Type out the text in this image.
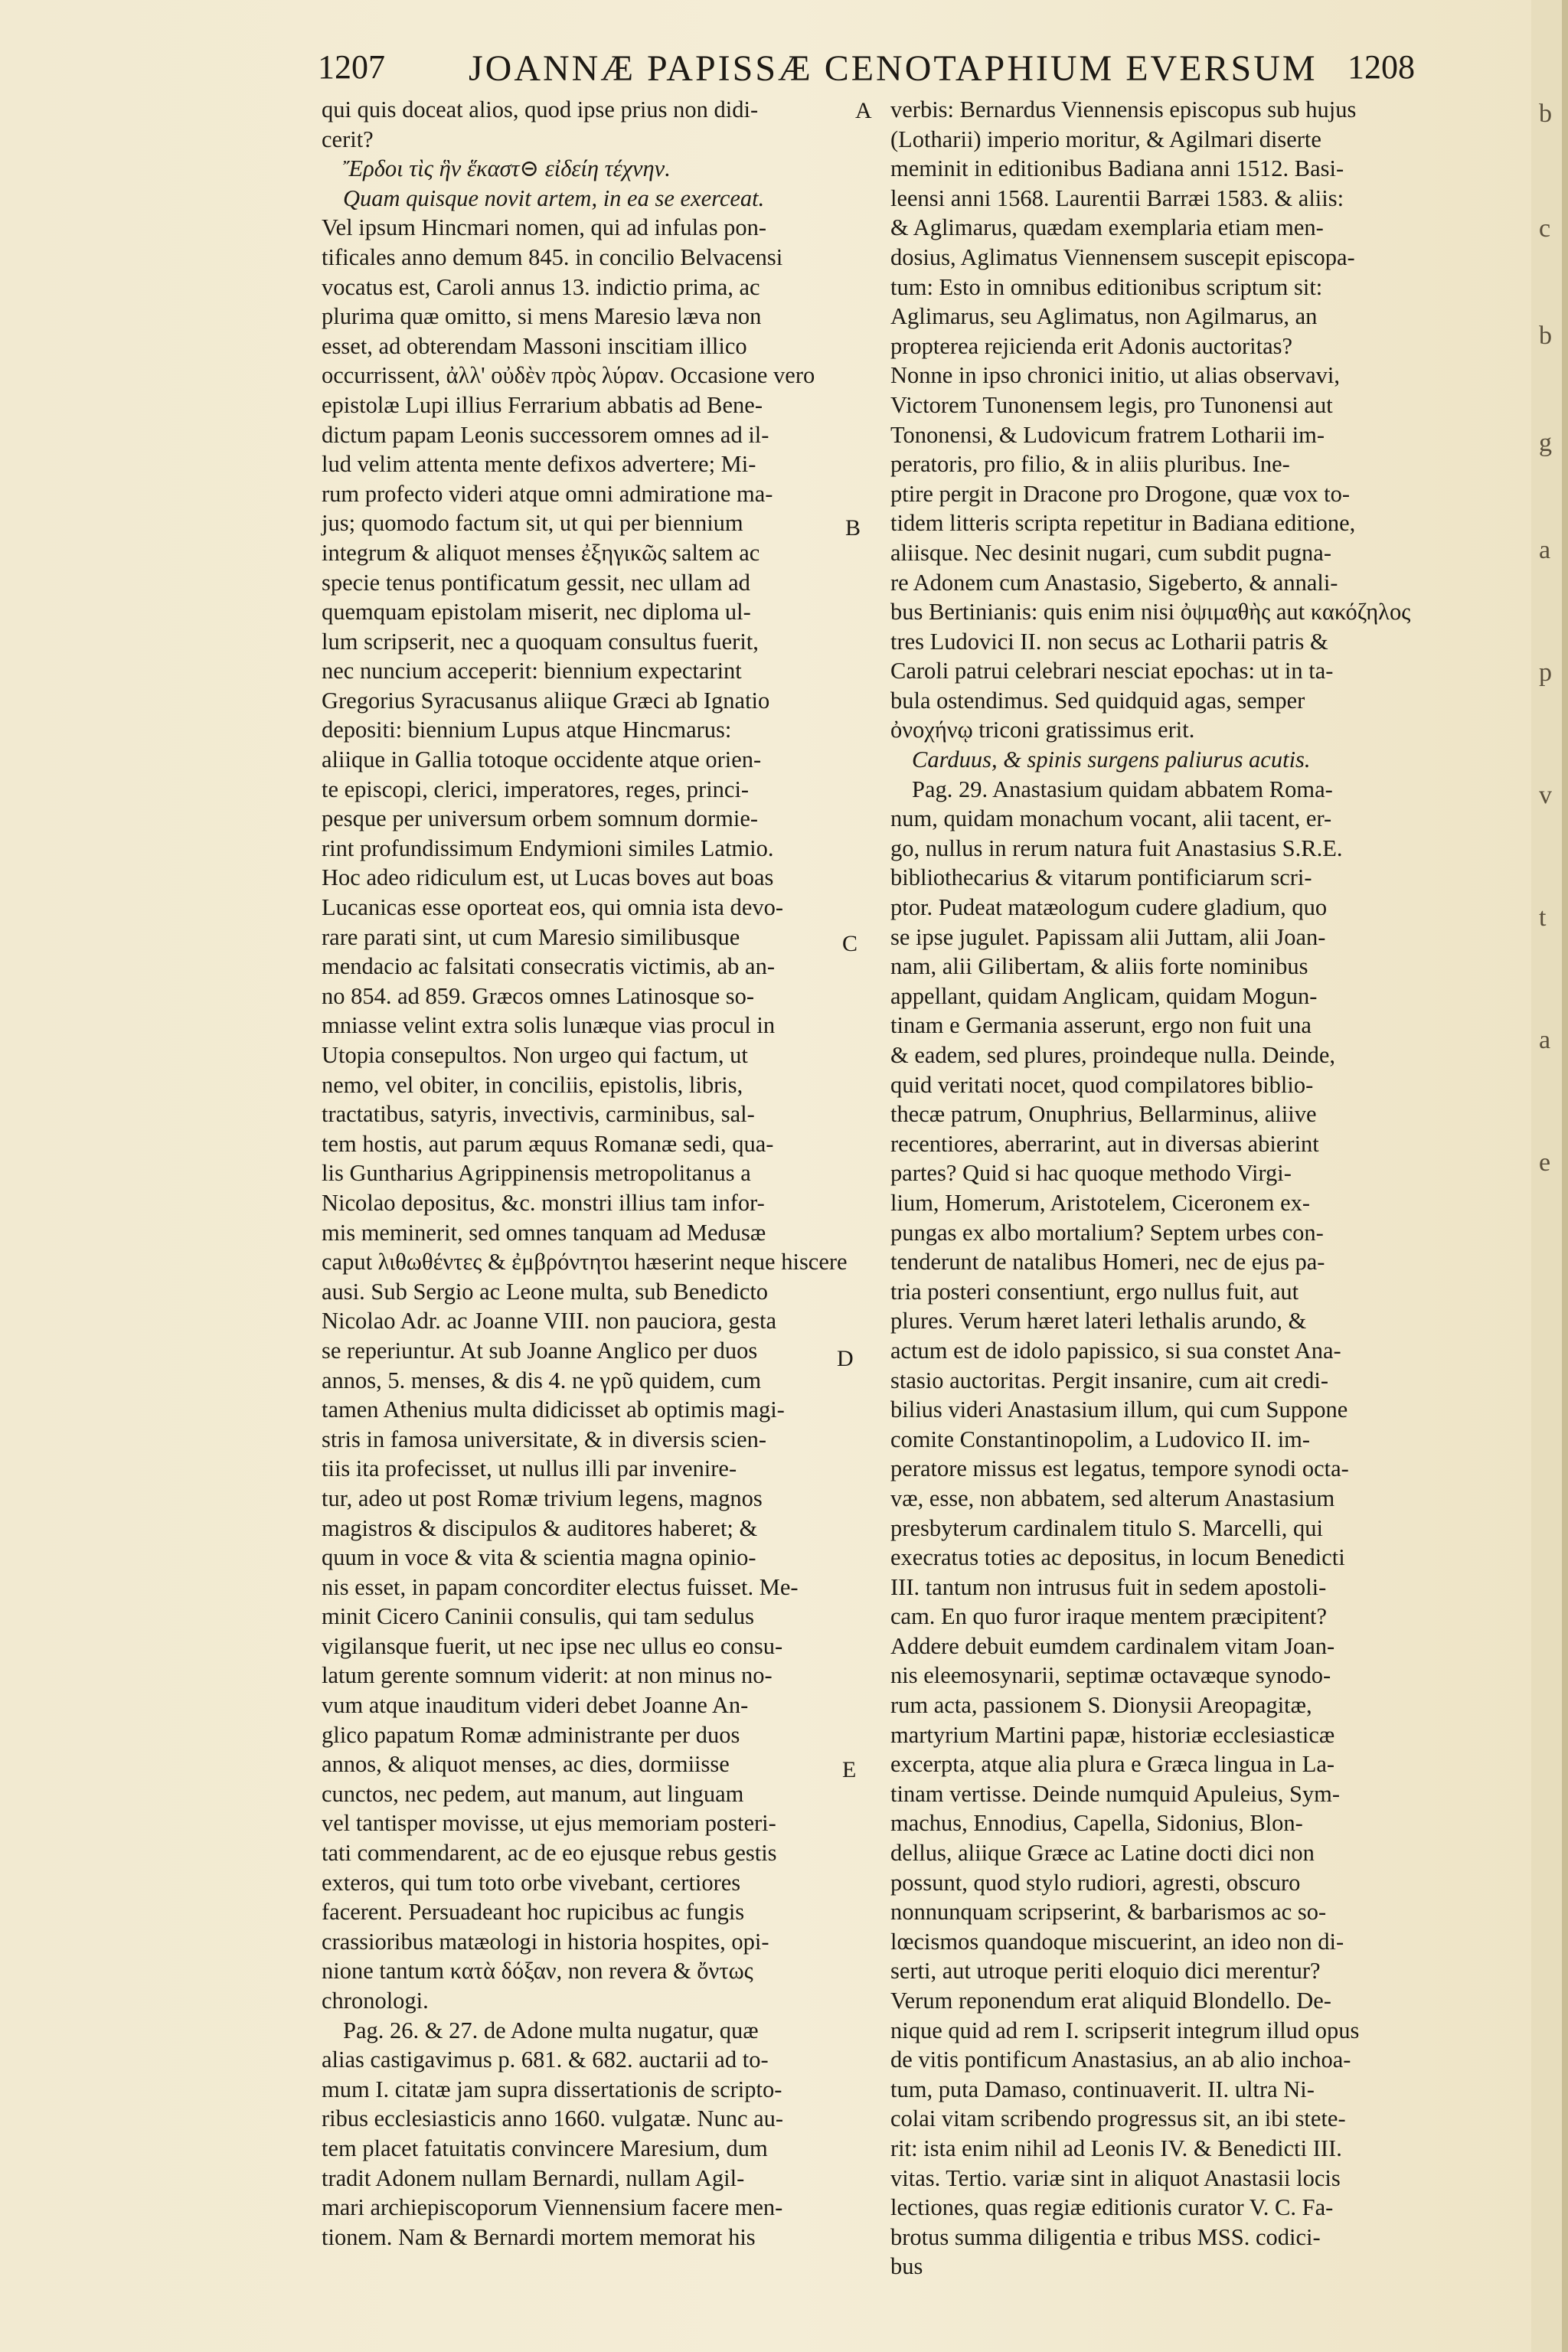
b
c
b
g
a
p
v
t
a
e
1207 JOANNÆ PAPISSÆ CENOTAPHIUM EVERSUM 1208
A
B
C
D
E

qui quis doceat alios, quod ipse prius non didi-

cerit?

Ἔρδοι τὶς ἣν ἕκαστ⊝ εἰδείη τέχνην.

Quam quisque novit artem, in ea se exerceat.

Vel ipsum Hincmari nomen, qui ad infulas pon-

tificales anno demum 845. in concilio Belvacensi

vocatus est, Caroli annus 13. indictio prima, ac

plurima quæ omitto, si mens Maresio læva non

esset, ad obterendam Massoni inscitiam illico

occurrissent, ἀλλ' οὐδὲν πρὸς λύραν. Occasione vero

epistolæ Lupi illius Ferrarium abbatis ad Bene-

dictum papam Leonis successorem omnes ad il-

lud velim attenta mente defixos advertere; Mi-

rum profecto videri atque omni admiratione ma-

jus; quomodo factum sit, ut qui per biennium

integrum & aliquot menses ἐξηγικῶς saltem ac

specie tenus pontificatum gessit, nec ullam ad

quemquam epistolam miserit, nec diploma ul-

lum scripserit, nec a quoquam consultus fuerit,

nec nuncium acceperit: biennium expectarint

Gregorius Syracusanus aliique Græci ab Ignatio

depositi: biennium Lupus atque Hincmarus:

aliique in Gallia totoque occidente atque orien-

te episcopi, clerici, imperatores, reges, princi-

pesque per universum orbem somnum dormie-

rint profundissimum Endymioni similes Latmio.

Hoc adeo ridiculum est, ut Lucas boves aut boas

Lucanicas esse oporteat eos, qui omnia ista devo-

rare parati sint, ut cum Maresio similibusque

mendacio ac falsitati consecratis victimis, ab an-

no 854. ad 859. Græcos omnes Latinosque so-

mniasse velint extra solis lunæque vias procul in

Utopia consepultos. Non urgeo qui factum, ut

nemo, vel obiter, in conciliis, epistolis, libris,

tractatibus, satyris, invectivis, carminibus, sal-

tem hostis, aut parum æquus Romanæ sedi, qua-

lis Guntharius Agrippinensis metropolitanus a

Nicolao depositus, &c. monstri illius tam infor-

mis meminerit, sed omnes tanquam ad Medusæ

caput λιθωθέντες & ἐμβρόντητοι hæserint neque hiscere

ausi. Sub Sergio ac Leone multa, sub Benedicto

Nicolao Adr. ac Joanne VIII. non pauciora, gesta

se reperiuntur. At sub Joanne Anglico per duos

annos, 5. menses, & dis 4. ne γρῦ quidem, cum

tamen Athenius multa didicisset ab optimis magi-

stris in famosa universitate, & in diversis scien-

tiis ita profecisset, ut nullus illi par invenire-

tur, adeo ut post Romæ trivium legens, magnos

magistros & discipulos & auditores haberet; &

quum in voce & vita & scientia magna opinio-

nis esset, in papam concorditer electus fuisset. Me-

minit Cicero Caninii consulis, qui tam sedulus

vigilansque fuerit, ut nec ipse nec ullus eo consu-

latum gerente somnum viderit: at non minus no-

vum atque inauditum videri debet Joanne An-

glico papatum Romæ administrante per duos

annos, & aliquot menses, ac dies, dormiisse

cunctos, nec pedem, aut manum, aut linguam

vel tantisper movisse, ut ejus memoriam posteri-

tati commendarent, ac de eo ejusque rebus gestis

exteros, qui tum toto orbe vivebant, certiores

facerent. Persuadeant hoc rupicibus ac fungis

crassioribus matæologi in historia hospites, opi-

nione tantum κατὰ δόξαν, non revera & ὄντως

chronologi.

Pag. 26. & 27. de Adone multa nugatur, quæ

alias castigavimus p. 681. & 682. auctarii ad to-

mum I. citatæ jam supra dissertationis de scripto-

ribus ecclesiasticis anno 1660. vulgatæ. Nunc au-

tem placet fatuitatis convincere Maresium, dum

tradit Adonem nullam Bernardi, nullam Agil-

mari archiepiscoporum Viennensium facere men-

tionem. Nam & Bernardi mortem memorat his

verbis: Bernardus Viennensis episcopus sub hujus

(Lotharii) imperio moritur, & Agilmari diserte

meminit in editionibus Badiana anni 1512. Basi-

leensi anni 1568. Laurentii Barræi 1583. & aliis:

& Aglimarus, quædam exemplaria etiam men-

dosius, Aglimatus Viennensem suscepit episcopa-

tum: Esto in omnibus editionibus scriptum sit:

Aglimarus, seu Aglimatus, non Agilmarus, an

propterea rejicienda erit Adonis auctoritas?

Nonne in ipso chronici initio, ut alias observavi,

Victorem Tunonensem legis, pro Tunonensi aut

Tononensi, & Ludovicum fratrem Lotharii im-

peratoris, pro filio, & in aliis pluribus. Ine-

ptire pergit in Dracone pro Drogone, quæ vox to-

tidem litteris scripta repetitur in Badiana editione,

aliisque. Nec desinit nugari, cum subdit pugna-

re Adonem cum Anastasio, Sigeberto, & annali-

bus Bertinianis: quis enim nisi ὀψιμαθὴς aut κακόζηλος

tres Ludovici II. non secus ac Lotharii patris &

Caroli patrui celebrari nesciat epochas: ut in ta-

bula ostendimus. Sed quidquid agas, semper

ὀνοχήνῳ triconi gratissimus erit.

Carduus, & spinis surgens paliurus acutis.

Pag. 29. Anastasium quidam abbatem Roma-

num, quidam monachum vocant, alii tacent, er-

go, nullus in rerum natura fuit Anastasius S.R.E.

bibliothecarius & vitarum pontificiarum scri-

ptor. Pudeat matæologum cudere gladium, quo

se ipse jugulet. Papissam alii Juttam, alii Joan-

nam, alii Gilibertam, & aliis forte nominibus

appellant, quidam Anglicam, quidam Mogun-

tinam e Germania asserunt, ergo non fuit una

& eadem, sed plures, proindeque nulla. Deinde,

quid veritati nocet, quod compilatores biblio-

thecæ patrum, Onuphrius, Bellarminus, aliive

recentiores, aberrarint, aut in diversas abierint

partes? Quid si hac quoque methodo Virgi-

lium, Homerum, Aristotelem, Ciceronem ex-

pungas ex albo mortalium? Septem urbes con-

tenderunt de natalibus Homeri, nec de ejus pa-

tria posteri consentiunt, ergo nullus fuit, aut

plures. Verum hæret lateri lethalis arundo, &

actum est de idolo papissico, si sua constet Ana-

stasio auctoritas. Pergit insanire, cum ait credi-

bilius videri Anastasium illum, qui cum Suppone

comite Constantinopolim, a Ludovico II. im-

peratore missus est legatus, tempore synodi octa-

væ, esse, non abbatem, sed alterum Anastasium

presbyterum cardinalem titulo S. Marcelli, qui

execratus toties ac depositus, in locum Benedicti

III. tantum non intrusus fuit in sedem apostoli-

cam. En quo furor iraque mentem præcipitent?

Addere debuit eumdem cardinalem vitam Joan-

nis eleemosynarii, septimæ octavæque synodo-

rum acta, passionem S. Dionysii Areopagitæ,

martyrium Martini papæ, historiæ ecclesiasticæ

excerpta, atque alia plura e Græca lingua in La-

tinam vertisse. Deinde numquid Apuleius, Sym-

machus, Ennodius, Capella, Sidonius, Blon-

dellus, aliique Græce ac Latine docti dici non

possunt, quod stylo rudiori, agresti, obscuro

nonnunquam scripserint, & barbarismos ac so-

lœcismos quandoque miscuerint, an ideo non di-

serti, aut utroque periti eloquio dici merentur?

Verum reponendum erat aliquid Blondello. De-

nique quid ad rem I. scripserit integrum illud opus

de vitis pontificum Anastasius, an ab alio inchoa-

tum, puta Damaso, continuaverit. II. ultra Ni-

colai vitam scribendo progressus sit, an ibi stete-

rit: ista enim nihil ad Leonis IV. & Benedicti III.

vitas. Tertio. variæ sint in aliquot Anastasii locis

lectiones, quas regiæ editionis curator V. C. Fa-

brotus summa diligentia e tribus MSS. codici-

bus
